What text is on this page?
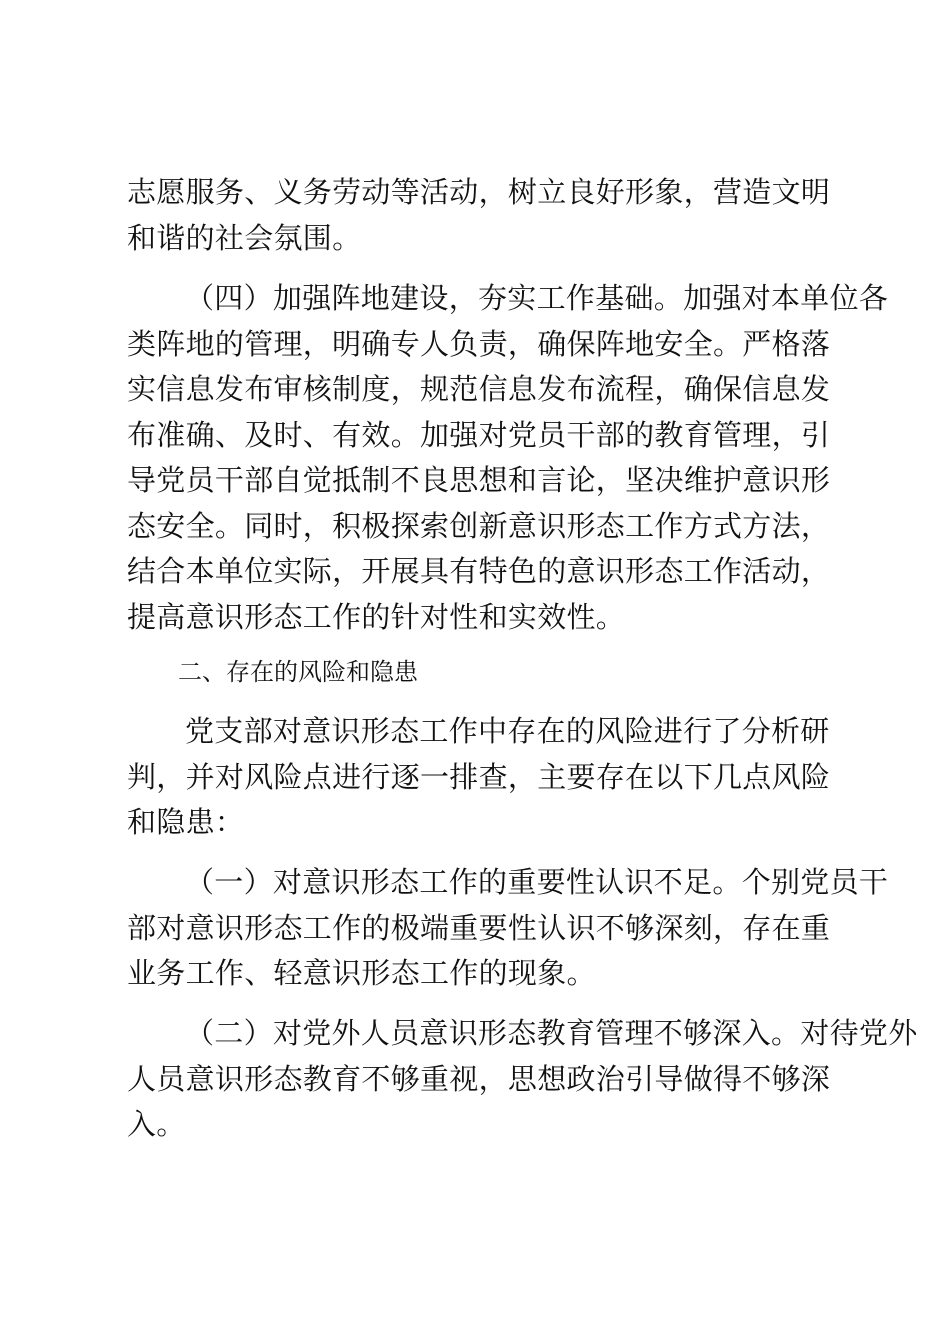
志愿服务、义务劳动等活动，树立良好形象，营造文明
和谐的社会氛围。

（四）加强阵地建设，夯实工作基础。加强对本单位各
类阵地的管理，明确专人负责，确保阵地安全。严格落
实信息发布审核制度，规范信息发布流程，确保信息发
布准确、及时、有效。加强对党员干部的教育管理，引
导党员干部自觉抵制不良思想和言论，坚决维护意识形
态安全。同时，积极探索创新意识形态工作方式方法，
结合本单位实际，开展具有特色的意识形态工作活动，
提高意识形态工作的针对性和实效性。

二、存在的风险和隐患

党支部对意识形态工作中存在的风险进行了分析研
判，并对风险点进行逐一排查，主要存在以下几点风险
和隐患：

（一）对意识形态工作的重要性认识不足。个别党员干
部对意识形态工作的极端重要性认识不够深刻，存在重
业务工作、轻意识形态工作的现象。

（二）对党外人员意识形态教育管理不够深入。对待党外
人员意识形态教育不够重视，思想政治引导做得不够深
入。
